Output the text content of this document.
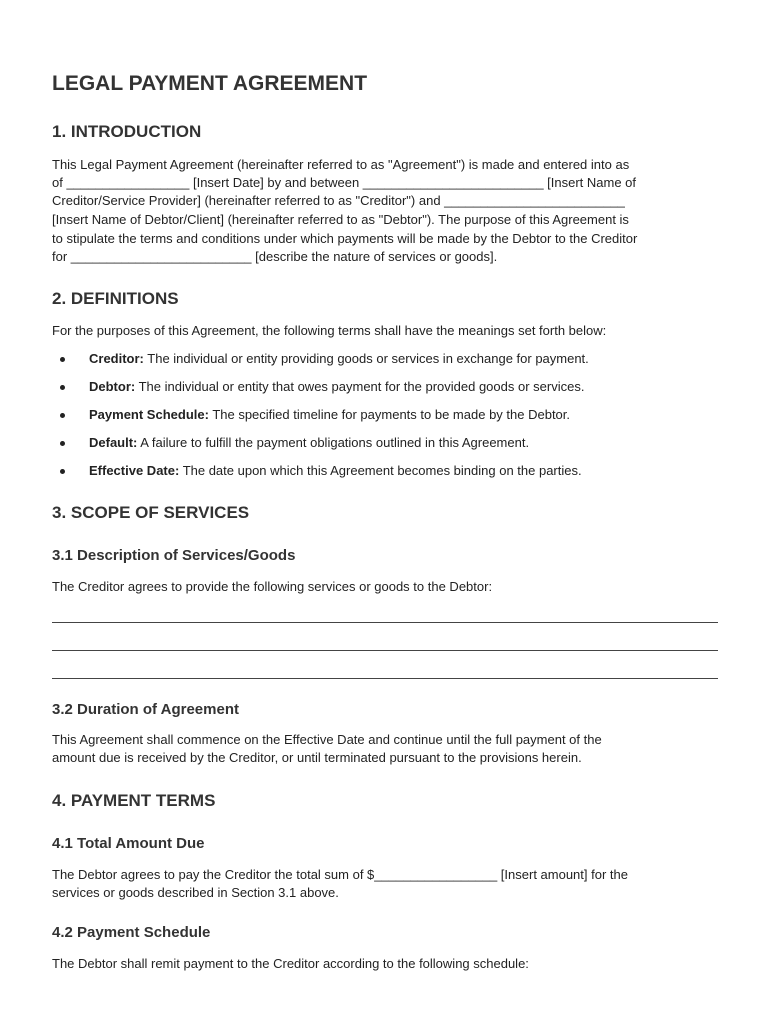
LEGAL PAYMENT AGREEMENT
1. INTRODUCTION
This Legal Payment Agreement (hereinafter referred to as "Agreement") is made and entered into as
of _________________ [Insert Date] by and between _________________________ [Insert Name of
Creditor/Service Provider] (hereinafter referred to as "Creditor") and _________________________
[Insert Name of Debtor/Client] (hereinafter referred to as "Debtor"). The purpose of this Agreement is
to stipulate the terms and conditions under which payments will be made by the Debtor to the Creditor
for _________________________ [describe the nature of services or goods].
2. DEFINITIONS
For the purposes of this Agreement, the following terms shall have the meanings set forth below:
Creditor: The individual or entity providing goods or services in exchange for payment.
Debtor: The individual or entity that owes payment for the provided goods or services.
Payment Schedule: The specified timeline for payments to be made by the Debtor.
Default: A failure to fulfill the payment obligations outlined in this Agreement.
Effective Date: The date upon which this Agreement becomes binding on the parties.
3. SCOPE OF SERVICES
3.1 Description of Services/Goods
The Creditor agrees to provide the following services or goods to the Debtor:
3.2 Duration of Agreement
This Agreement shall commence on the Effective Date and continue until the full payment of the
amount due is received by the Creditor, or until terminated pursuant to the provisions herein.
4. PAYMENT TERMS
4.1 Total Amount Due
The Debtor agrees to pay the Creditor the total sum of $_________________ [Insert amount] for the
services or goods described in Section 3.1 above.
4.2 Payment Schedule
The Debtor shall remit payment to the Creditor according to the following schedule:
